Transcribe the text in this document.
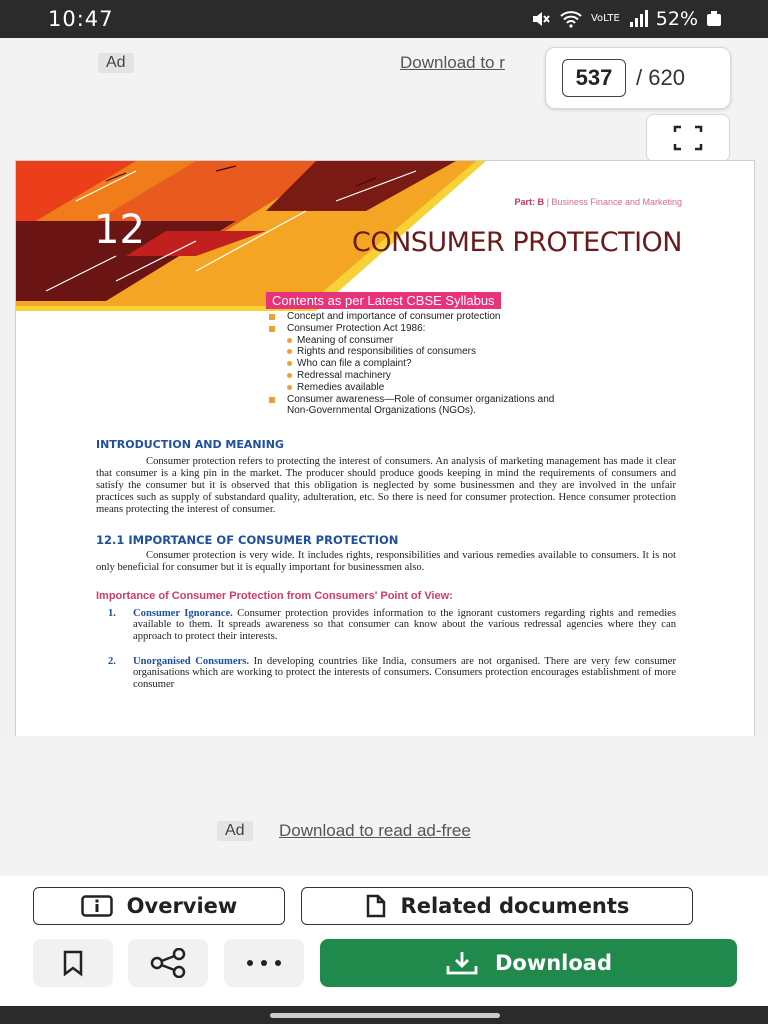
10:47	VoLTE 52%
Ad	Download to r
537	/ 620
12
Part: B | Business Finance and Marketing
CONSUMER PROTECTION
Contents as per Latest CBSE Syllabus
Concept and importance of consumer protection
Consumer Protection Act 1986:
Meaning of consumer
Rights and responsibilities of consumers
Who can file a complaint?
Redressal machinery
Remedies available
Consumer awareness—Role of consumer organizations and
Non-Governmental Organizations (NGOs).
INTRODUCTION AND MEANING
Consumer protection refers to protecting the interest of consumers. An analysis of marketing management has made it clear that consumer is a king pin in the market. The producer should produce goods keeping in mind the requirements of consumers and satisfy the consumer but it is observed that this obligation is neglected by some businessmen and they are involved in the unfair practices such as supply of substandard quality, adulteration, etc. So there is need for consumer protection. Hence consumer protection means protecting the interest of consumer.
12.1 IMPORTANCE OF CONSUMER PROTECTION
Consumer protection is very wide. It includes rights, responsibilities and various remedies available to consumers. It is not only beneficial for consumer but it is equally important for businessmen also.
Importance of Consumer Protection from Consumers' Point of View:
1. Consumer Ignorance. Consumer protection provides information to the ignorant customers regarding rights and remedies available to them. It spreads awareness so that consumer can know about the various redressal agencies where they can approach to protect their interests.
2. Unorganised Consumers. In developing countries like India, consumers are not organised. There are very few consumer organisations which are working to protect the interests of consumers. Consumers protection encourages establishment of more consumer
Ad	Download to read ad-free
Overview	Related documents
Download
